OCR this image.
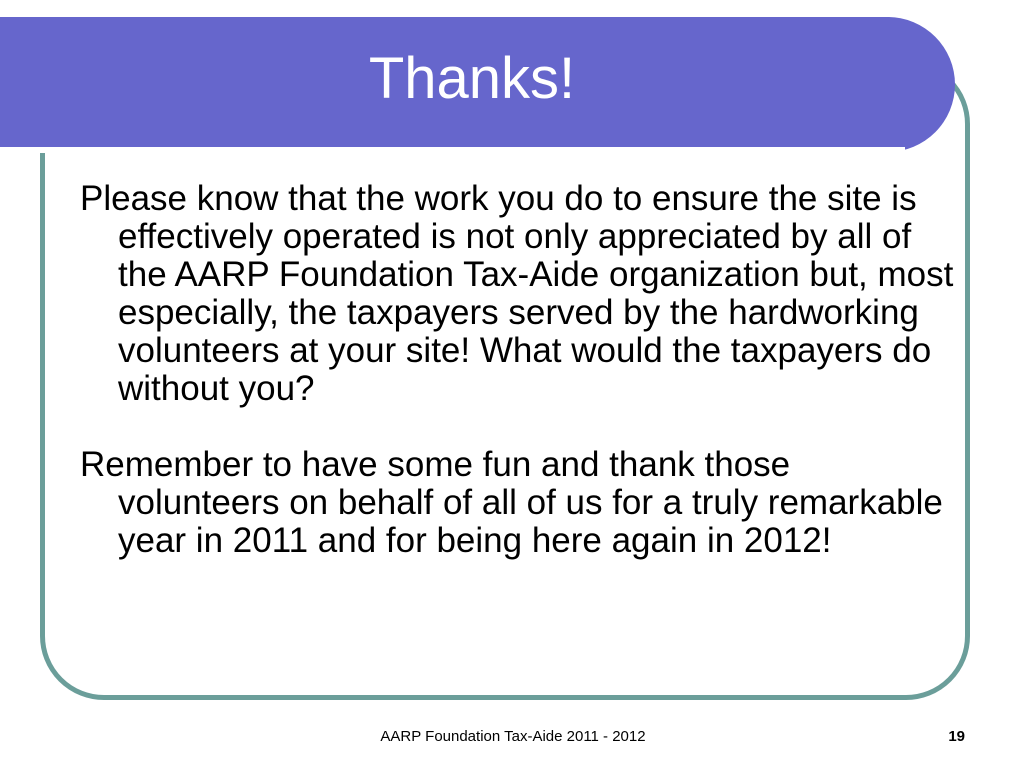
Thanks!

Please know that the work you do to ensure the site is effectively operated is not only appreciated by all of the AARP Foundation Tax-Aide organization but, most especially, the taxpayers served by the hardworking volunteers at your site! What would the taxpayers do without you?

Remember to have some fun and thank those volunteers on behalf of all of us for a truly remarkable year in 2011 and for being here again in 2012!

AARP Foundation Tax-Aide 2011 - 2012	19
